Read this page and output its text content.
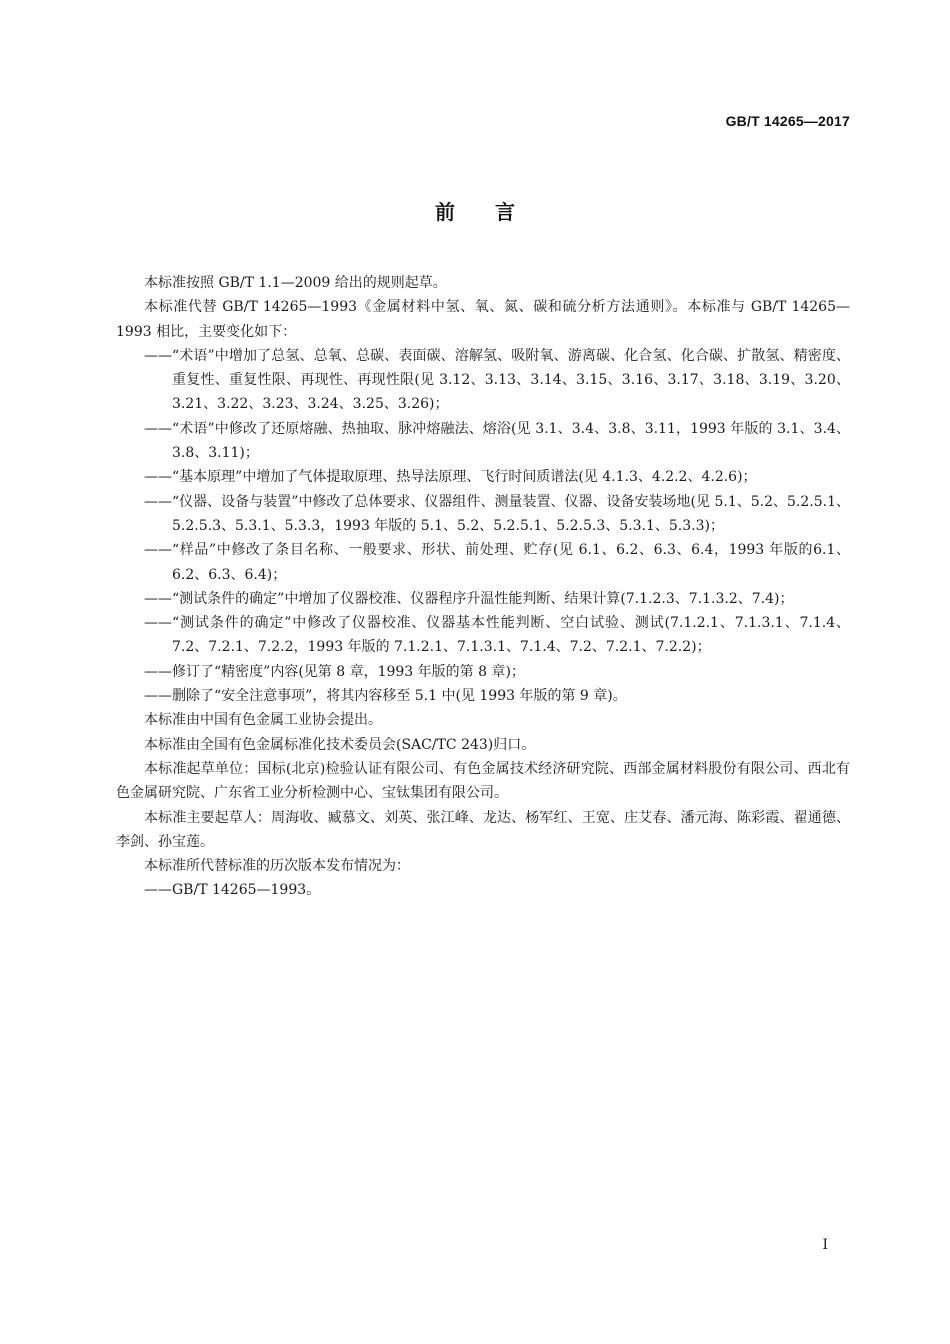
GB/T 14265—2017
前言

本标准按照 GB/T 1.1—2009 给出的规则起草。

本标准代替 GB/T 14265—1993《金属材料中氢、氧、氮、碳和硫分析方法通则》。本标准与 GB/T 14265—1993 相比，主要变化如下：

——“术语”中增加了总氢、总氧、总碳、表面碳、溶解氢、吸附氧、游离碳、化合氢、化合碳、扩散氢、精密度、重复性、重复性限、再现性、再现性限(见 3.12、3.13、3.14、3.15、3.16、3.17、3.18、3.19、3.20、3.21、3.22、3.23、3.24、3.25、3.26)；

——“术语”中修改了还原熔融、热抽取、脉冲熔融法、熔浴(见 3.1、3.4、3.8、3.11，1993 年版的 3.1、3.4、3.8、3.11)；

——“基本原理”中增加了气体提取原理、热导法原理、飞行时间质谱法(见 4.1.3、4.2.2、4.2.6)；

——“仪器、设备与装置”中修改了总体要求、仪器组件、测量装置、仪器、设备安装场地(见 5.1、5.2、5.2.5.1、5.2.5.3、5.3.1、5.3.3，1993 年版的 5.1、5.2、5.2.5.1、5.2.5.3、5.3.1、5.3.3)；

——“样品”中修改了条目名称、一般要求、形状、前处理、贮存(见 6.1、6.2、6.3、6.4，1993 年版的6.1、6.2、6.3、6.4)；

——“测试条件的确定”中增加了仪器校准、仪器程序升温性能判断、结果计算(7.1.2.3、7.1.3.2、7.4)；

——“测试条件的确定”中修改了仪器校准、仪器基本性能判断、空白试验、测试(7.1.2.1、7.1.3.1、7.1.4、7.2、7.2.1、7.2.2，1993 年版的 7.1.2.1、7.1.3.1、7.1.4、7.2、7.2.1、7.2.2)；

——修订了“精密度”内容(见第 8 章，1993 年版的第 8 章)；

——删除了“安全注意事项”，将其内容移至 5.1 中(见 1993 年版的第 9 章)。

本标准由中国有色金属工业协会提出。

本标准由全国有色金属标准化技术委员会(SAC/TC 243)归口。

本标准起草单位：国标(北京)检验认证有限公司、有色金属技术经济研究院、西部金属材料股份有限公司、西北有色金属研究院、广东省工业分析检测中心、宝钛集团有限公司。

本标准主要起草人：周海收、臧慕文、刘英、张江峰、龙达、杨军红、王宽、庄艾春、潘元海、陈彩霞、翟通德、李剑、孙宝莲。

本标准所代替标准的历次版本发布情况为：

——GB/T 14265—1993。

I
